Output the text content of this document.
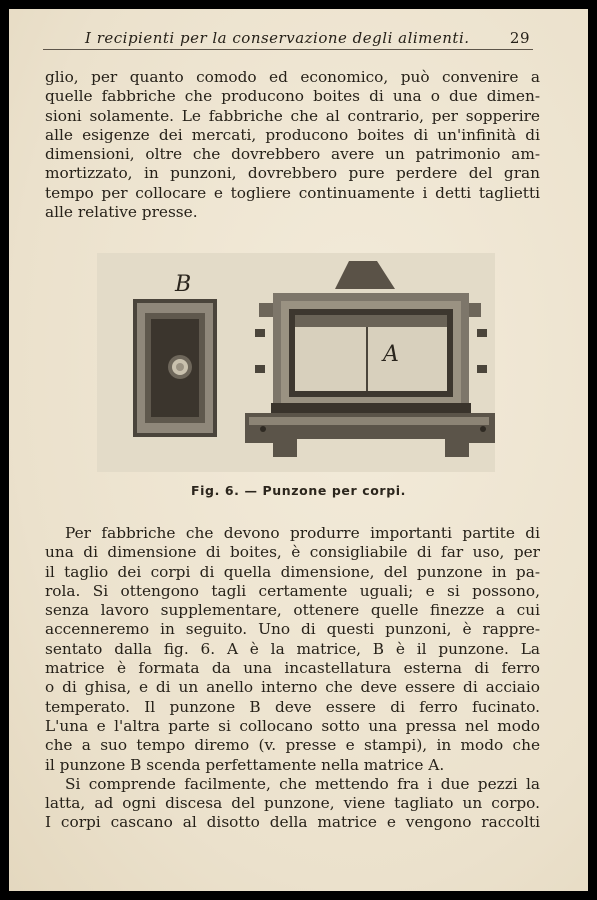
I recipienti per la conservazione degli alimenti.	29
glio, per quanto comodo ed economico, può convenire a
quelle fabbriche che producono boites di una o due dimen-
sioni solamente. Le fabbriche che al contrario, per sopperire
alle esigenze dei mercati, producono boites di un'infinità di
dimensioni, oltre che dovrebbero avere un patrimonio am-
mortizzato, in punzoni, dovrebbero pure perdere del gran
tempo per collocare e togliere continuamente i detti taglietti
alle relative presse.
B
A
Fig. 6. — Punzone per corpi.
Per fabbriche che devono produrre importanti partite di
una di dimensione di boites, è consigliabile di far uso, per
il taglio dei corpi di quella dimensione, del punzone in pa-
rola. Si ottengono tagli certamente uguali; e si possono,
senza lavoro supplementare, ottenere quelle finezze a cui
accenneremo in seguito. Uno di questi punzoni, è rappre-
sentato dalla fig. 6. A è la matrice, B è il punzone. La
matrice è formata da una incastellatura esterna di ferro
o di ghisa, e di un anello interno che deve essere di acciaio
temperato. Il punzone B deve essere di ferro fucinato.
L'una e l'altra parte si collocano sotto una pressa nel modo
che a suo tempo diremo (v. presse e stampi), in modo che
il punzone B scenda perfettamente nella matrice A.
Si comprende facilmente, che mettendo fra i due pezzi la
latta, ad ogni discesa del punzone, viene tagliato un corpo.
I corpi cascano al disotto della matrice e vengono raccolti
